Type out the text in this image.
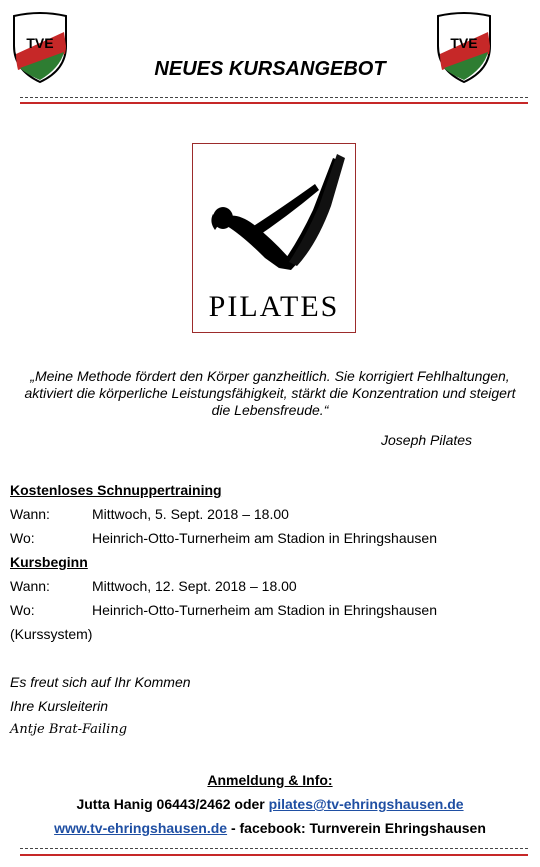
TVE	TVE
NEUES KURSANGEBOT
PILATES
„Meine Methode fördert den Körper ganzheitlich. Sie korrigiert Fehlhaltungen, aktiviert die körperliche Leistungsfähigkeit, stärkt die Konzentration und steigert die Lebensfreude.“
Joseph Pilates
Kostenloses Schnuppertraining
Wann:	Mittwoch, 5. Sept. 2018 – 18.00
Wo:	Heinrich-Otto-Turnerheim am Stadion in Ehringshausen
Kursbeginn
Wann:	Mittwoch, 12. Sept. 2018 – 18.00
Wo:	Heinrich-Otto-Turnerheim am Stadion in Ehringshausen
(Kurssystem)
Es freut sich auf Ihr Kommen
Ihre Kursleiterin
Antje Brat-Failing
Anmeldung & Info:
Jutta Hanig 06443/2462 oder pilates@tv-ehringshausen.de
www.tv-ehringshausen.de - facebook: Turnverein Ehringshausen
